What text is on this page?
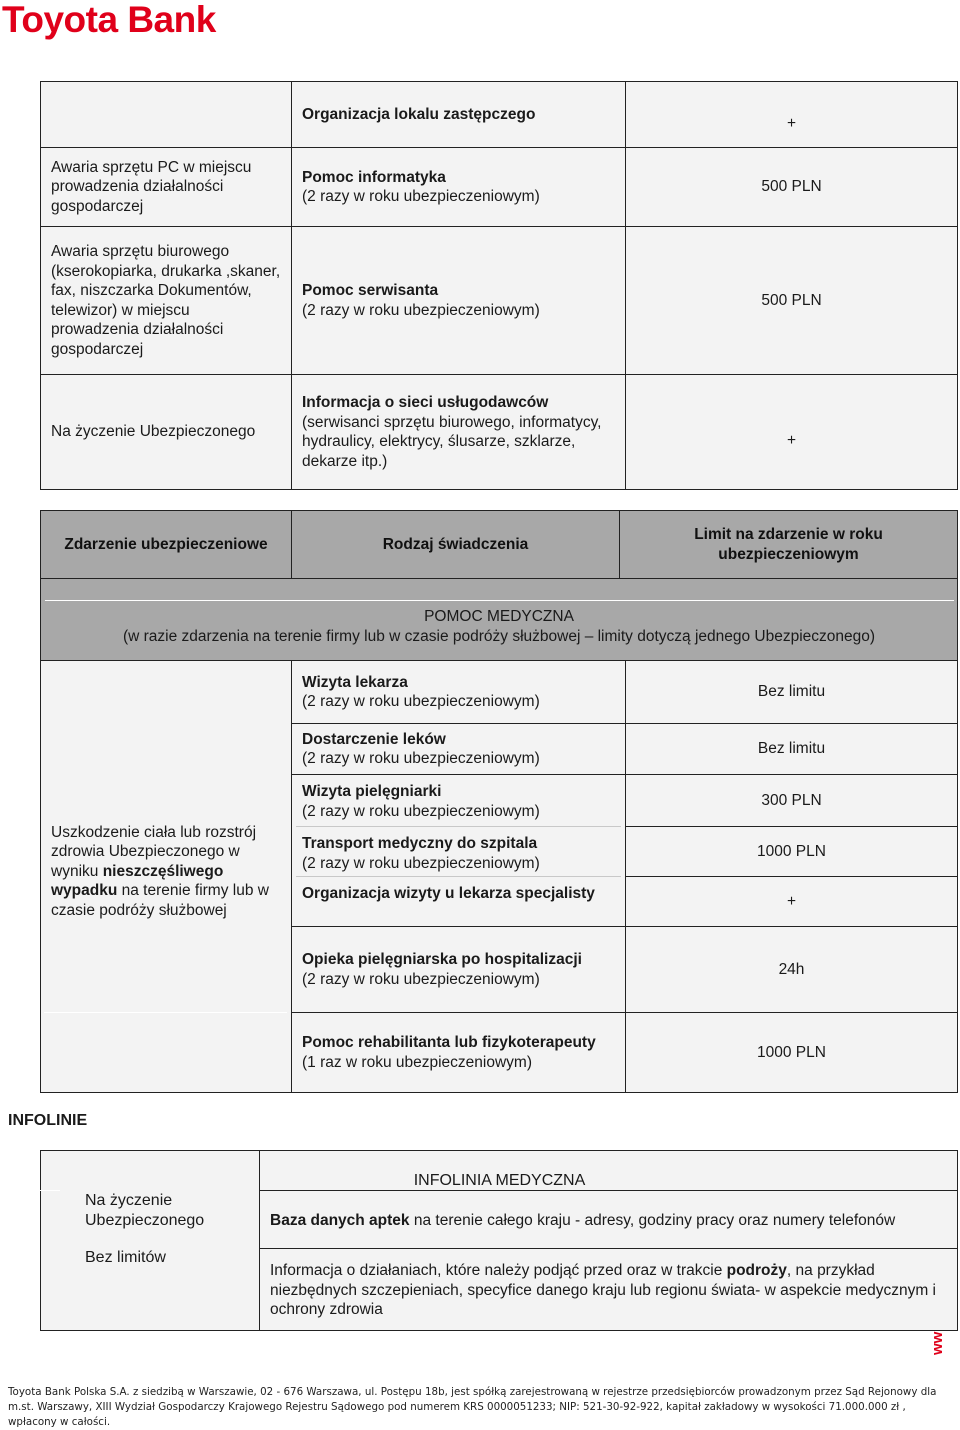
Toyota Bank
Organizacja lokalu zastępczego
+
Awaria sprzętu PC w miejscu prowadzenia działalności gospodarczej
Pomoc informatyka
(2 razy w roku ubezpieczeniowym)
500 PLN
Awaria sprzętu biurowego (kserokopiarka, drukarka ,skaner, fax, niszczarka Dokumentów, telewizor) w miejscu prowadzenia działalności gospodarczej
Pomoc serwisanta
(2 razy w roku ubezpieczeniowym)
500 PLN
Na życzenie Ubezpieczonego
Informacja o sieci usługodawców
(serwisanci sprzętu biurowego, informatycy, hydraulicy, elektrycy, ślusarze, szklarze, dekarze itp.)
+
Zdarzenie ubezpieczeniowe	Rodzaj świadczenia
Limit na zdarzenie w roku ubezpieczeniowym
POMOC MEDYCZNA
(w razie zdarzenia na terenie firmy lub w czasie podróży służbowej – limity dotyczą jednego Ubezpieczonego)
Uszkodzenie ciała lub rozstrój zdrowia Ubezpieczonego w wyniku nieszczęśliwego wypadku na terenie firmy lub w czasie podróży służbowej
Wizyta lekarza
(2 razy w roku ubezpieczeniowym)
Dostarczenie leków
(2 razy w roku ubezpieczeniowym)
Wizyta pielęgniarki
(2 razy w roku ubezpieczeniowym)
Transport medyczny do szpitala
(2 razy w roku ubezpieczeniowym)
Organizacja wizyty u lekarza specjalisty
Opieka pielęgniarska po hospitalizacji
(2 razy w roku ubezpieczeniowym)
Pomoc rehabilitanta lub fizykoterapeuty
(1 raz w roku ubezpieczeniowym)
Bez limitu
Bez limitu
300 PLN
1000 PLN
+
24h
1000 PLN
INFOLINIE
Na życzenie Ubezpieczonego
Bez limitów
INFOLINIA MEDYCZNA
Baza danych aptek na terenie całego kraju - adresy, godziny pracy oraz numery telefonów
Informacja o działaniach, które należy podjąć przed oraz w trakcie podroży, na przykład niezbędnych szczepieniach, specyfice danego kraju lub regionu świata- w aspekcie medycznym i ochrony zdrowia
ww
Toyota Bank Polska S.A. z siedzibą w Warszawie, 02 - 676 Warszawa, ul. Postępu 18b, jest spółką zarejestrowaną w rejestrze przedsiębiorców prowadzonym przez Sąd Rejonowy dla m.st. Warszawy, XIII Wydział Gospodarczy Krajowego Rejestru Sądowego pod numerem KRS 0000051233; NIP: 521-30-92-922, kapitał zakładowy w wysokości 71.000.000 zł , wpłacony w całości.
